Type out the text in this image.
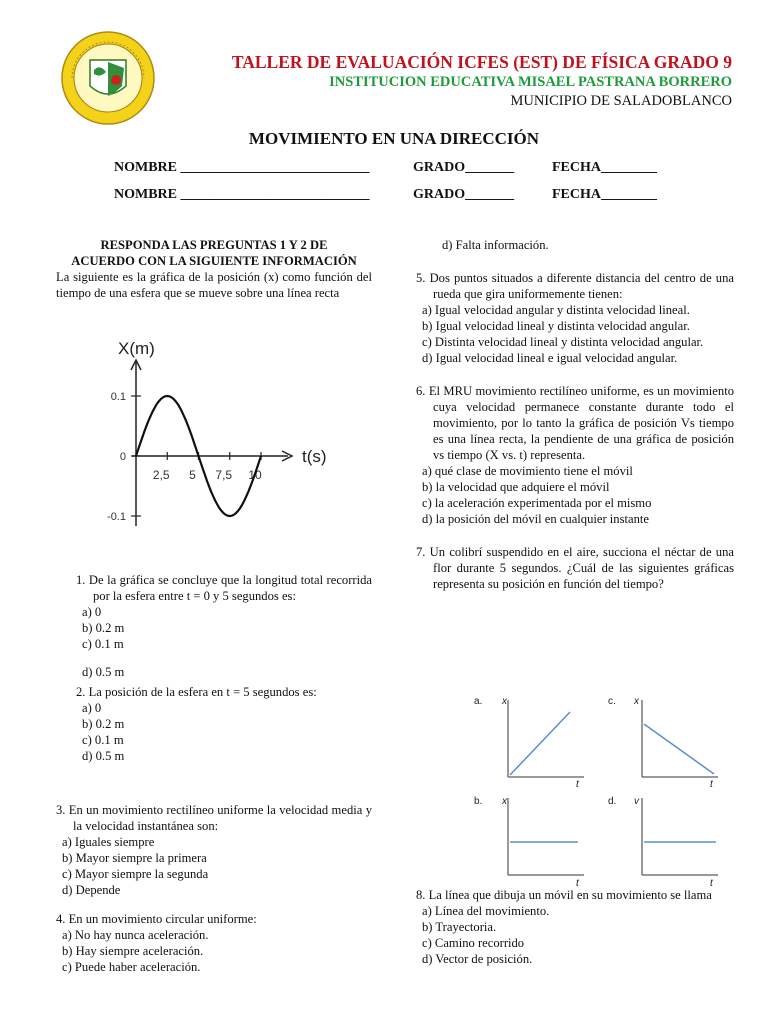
TALLER DE EVALUACIÓN ICFES (EST) DE FÍSICA GRADO 9
INSTITUCION EDUCATIVA MISAEL PASTRANA BORRERO
MUNICIPIO DE SALADOBLANCO
MOVIMIENTO EN UNA DIRECCIÓN
NOMBRE ___________________________	GRADO_______	FECHA________
NOMBRE ___________________________	GRADO_______	FECHA________

RESPONDA LAS PREGUNTAS 1 Y 2 DE

ACUERDO CON LA SIGUIENTE INFORMACIÓN

La siguiente es la gráfica de la posición (x) como función del tiempo de una esfera que se mueve sobre una línea recta

X(m)
t(s)
0.1
0
-0.1
2,5 5 7,5 10

1. De la gráfica se concluye que la longitud total recorrida por la esfera entre t = 0 y 5 segundos es:

a) 0

b) 0.2 m

c) 0.1 m

d) 0.5 m

2. La posición de la esfera en t = 5 segundos es:

a) 0

b) 0.2 m

c) 0.1 m

d) 0.5 m

3. En un movimiento rectilíneo uniforme la velocidad media y la velocidad instantánea son:

a) Iguales siempre

b) Mayor siempre la primera

c) Mayor siempre la segunda

d) Depende

4. En un movimiento circular uniforme:

a) No hay nunca aceleración.

b) Hay siempre aceleración.

c) Puede haber aceleración.

d) Falta información.

5. Dos puntos situados a diferente distancia del centro de una rueda que gira uniformemente tienen:

a) Igual velocidad angular y distinta velocidad lineal.

b) Igual velocidad lineal y distinta velocidad angular.

c) Distinta velocidad lineal y distinta velocidad angular.

d) Igual velocidad lineal e igual velocidad angular.

6. El MRU movimiento rectilíneo uniforme, es un movimiento cuya velocidad permanece constante durante todo el movimiento, por lo tanto la gráfica de posición Vs tiempo es una línea recta, la pendiente de una gráfica de posición vs tiempo (X vs. t) representa.

a) qué clase de movimiento tiene el móvil

b) la velocidad que adquiere el móvil

c) la aceleración experimentada por el mismo

d) la posición del móvil en cualquier instante

7. Un colibrí suspendido en el aire, succiona el néctar de una flor durante 5 segundos. ¿Cuál de las siguientes gráficas representa su posición en función del tiempo?

a. x
t
c. x
t
b. x
t
d. v
t

8. La línea que dibuja un móvil en su movimiento se llama

a) Línea del movimiento.

b) Trayectoria.

c) Camino recorrido

d) Vector de posición.
